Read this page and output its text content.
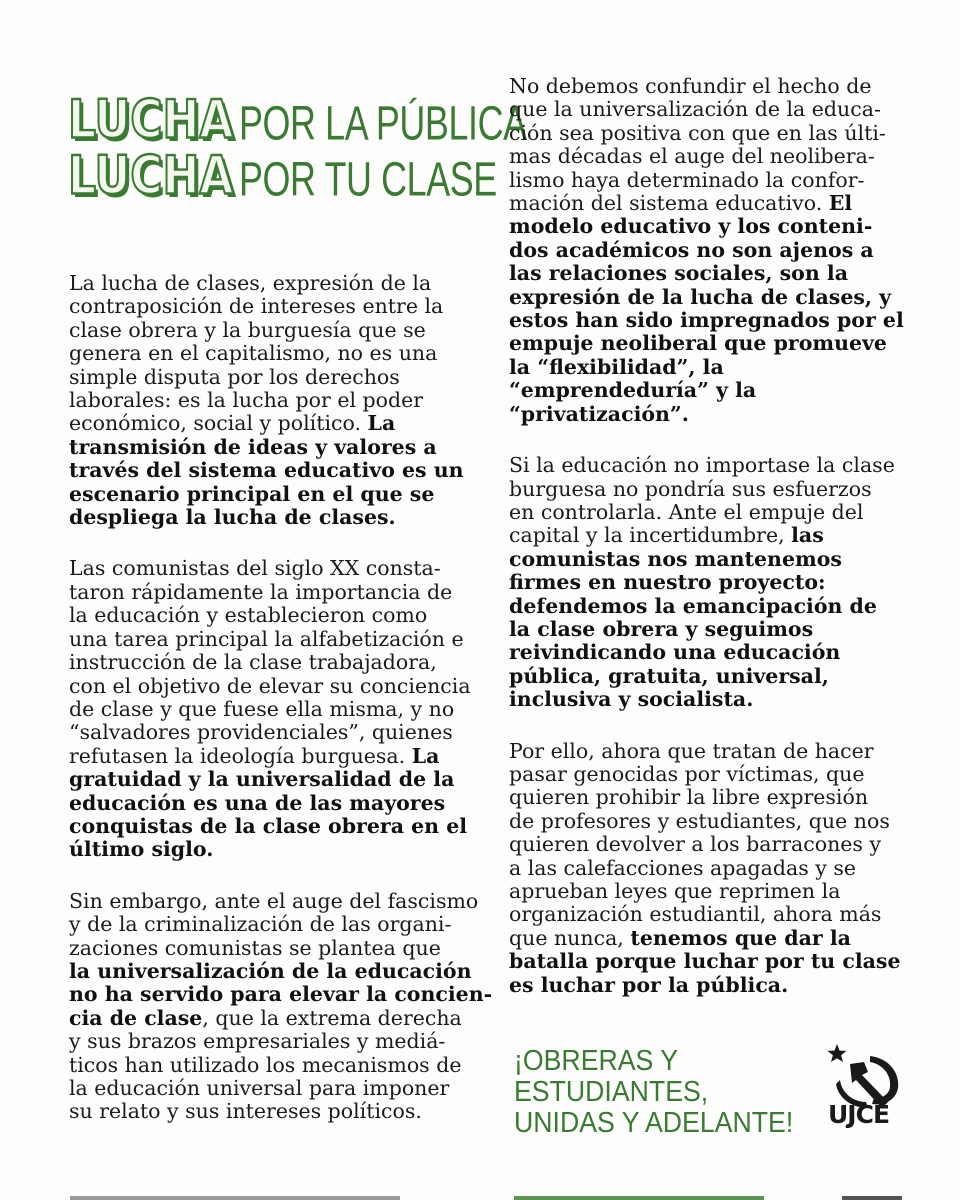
LUCHA POR LA PÚBLICA
LUCHA POR TU CLASE
La lucha de clases, expresión de la
contraposición de intereses entre la
clase obrera y la burguesía que se
genera en el capitalismo, no es una
simple disputa por los derechos
laborales: es la lucha por el poder
económico, social y político. La
transmisión de ideas y valores a
través del sistema educativo es un
escenario principal en el que se
despliega la lucha de clases.
Las comunistas del siglo XX consta-
taron rápidamente la importancia de
la educación y establecieron como
una tarea principal la alfabetización e
instrucción de la clase trabajadora,
con el objetivo de elevar su conciencia
de clase y que fuese ella misma, y no
“salvadores providenciales”, quienes
refutasen la ideología burguesa. La
gratuidad y la universalidad de la
educación es una de las mayores
conquistas de la clase obrera en el
último siglo.
Sin embargo, ante el auge del fascismo
y de la criminalización de las organi-
zaciones comunistas se plantea que
la universalización de la educación
no ha servido para elevar la concien-
cia de clase, que la extrema derecha
y sus brazos empresariales y mediá-
ticos han utilizado los mecanismos de
la educación universal para imponer
su relato y sus intereses políticos.
No debemos confundir el hecho de
que la universalización de la educa-
ción sea positiva con que en las últi-
mas décadas el auge del neolibera-
lismo haya determinado la confor-
mación del sistema educativo. El
modelo educativo y los conteni-
dos académicos no son ajenos a
las relaciones sociales, son la
expresión de la lucha de clases, y
estos han sido impregnados por el
empuje neoliberal que promueve
la “flexibilidad”, la
“emprendeduría” y la
“privatización”.
Si la educación no importase la clase
burguesa no pondría sus esfuerzos
en controlarla. Ante el empuje del
capital y la incertidumbre, las
comunistas nos mantenemos
firmes en nuestro proyecto:
defendemos la emancipación de
la clase obrera y seguimos
reivindicando una educación
pública, gratuita, universal,
inclusiva y socialista.
Por ello, ahora que tratan de hacer
pasar genocidas por víctimas, que
quieren prohibir la libre expresión
de profesores y estudiantes, que nos
quieren devolver a los barracones y
a las calefacciones apagadas y se
aprueban leyes que reprimen la
organización estudiantil, ahora más
que nunca, tenemos que dar la
batalla porque luchar por tu clase
es luchar por la pública.
¡OBRERAS Y
ESTUDIANTES,
UNIDAS Y ADELANTE! UJCE
